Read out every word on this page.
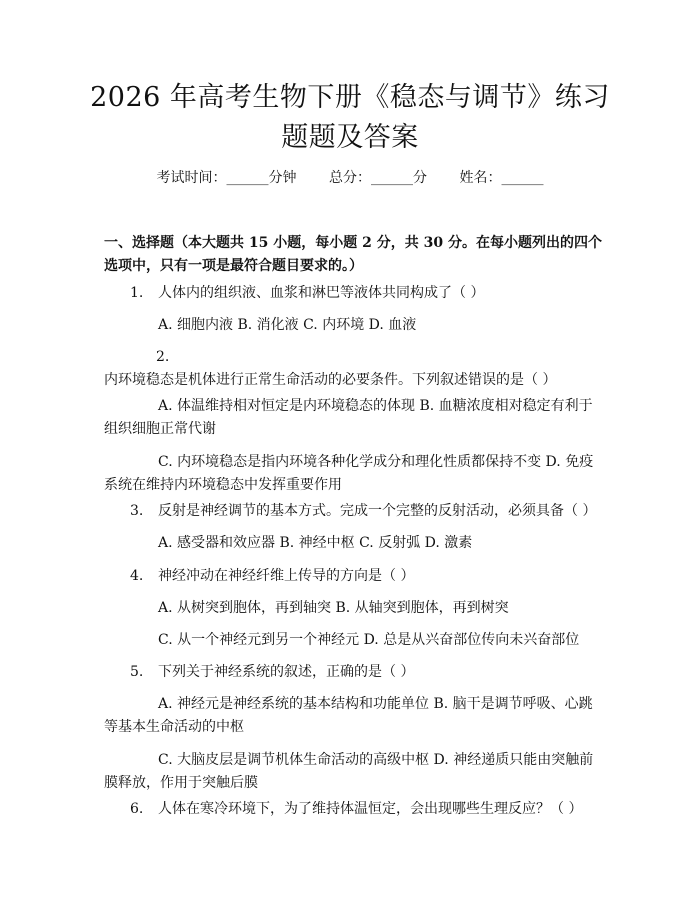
2026 年高考生物下册《稳态与调节》练习题题及答案
考试时间：______分钟 总分：______分 姓名：______
一、选择题（本大题共 15 小题，每小题 2 分，共 30 分。在每小题列出的四个选项中，只有一项是最符合题目要求的。）
1. 人体内的组织液、血浆和淋巴等液体共同构成了（ ）
A. 细胞内液 B. 消化液 C. 内环境 D. 血液
2.内环境稳态是机体进行正常生命活动的必要条件。下列叙述错误的是（ ）
A. 体温维持相对恒定是内环境稳态的体现 B. 血糖浓度相对稳定有利于组织细胞正常代谢
C. 内环境稳态是指内环境各种化学成分和理化性质都保持不变 D. 免疫系统在维持内环境稳态中发挥重要作用
3. 反射是神经调节的基本方式。完成一个完整的反射活动，必须具备（ ）
A. 感受器和效应器 B. 神经中枢 C. 反射弧 D. 激素
4. 神经冲动在神经纤维上传导的方向是（ ）
A. 从树突到胞体，再到轴突 B. 从轴突到胞体，再到树突
C. 从一个神经元到另一个神经元 D. 总是从兴奋部位传向未兴奋部位
5. 下列关于神经系统的叙述，正确的是（ ）
A. 神经元是神经系统的基本结构和功能单位 B. 脑干是调节呼吸、心跳等基本生命活动的中枢
C. 大脑皮层是调节机体生命活动的高级中枢 D. 神经递质只能由突触前膜释放，作用于突触后膜
6. 人体在寒冷环境下，为了维持体温恒定，会出现哪些生理反应？（ ）
